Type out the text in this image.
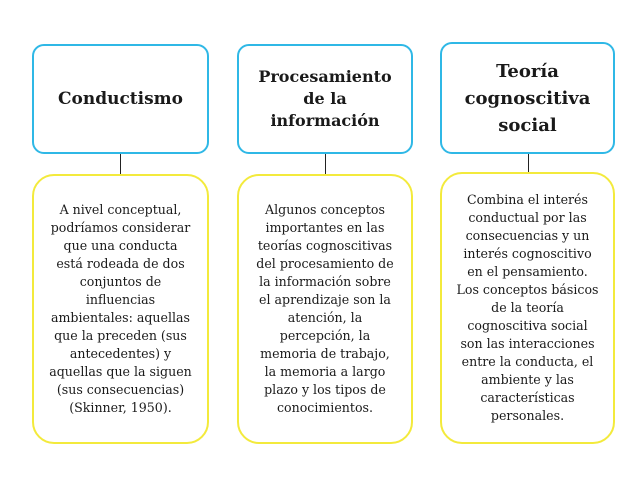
Conductismo
A nivel conceptual,
podríamos considerar
que una conducta
está rodeada de dos
conjuntos de
influencias
ambientales: aquellas
que la preceden (sus
antecedentes) y
aquellas que la siguen
(sus consecuencias)
(Skinner, 1950).
Procesamiento
de la
información
Algunos conceptos
importantes en las
teorías cognoscitivas
del procesamiento de
la información sobre
el aprendizaje son la
atención, la
percepción, la
memoria de trabajo,
la memoria a largo
plazo y los tipos de
conocimientos.
Teoría
cognoscitiva
social
Combina el interés
conductual por las
consecuencias y un
interés cognoscitivo
en el pensamiento.
Los conceptos básicos
de la teoría
cognoscitiva social
son las interacciones
entre la conducta, el
ambiente y las
características
personales.
